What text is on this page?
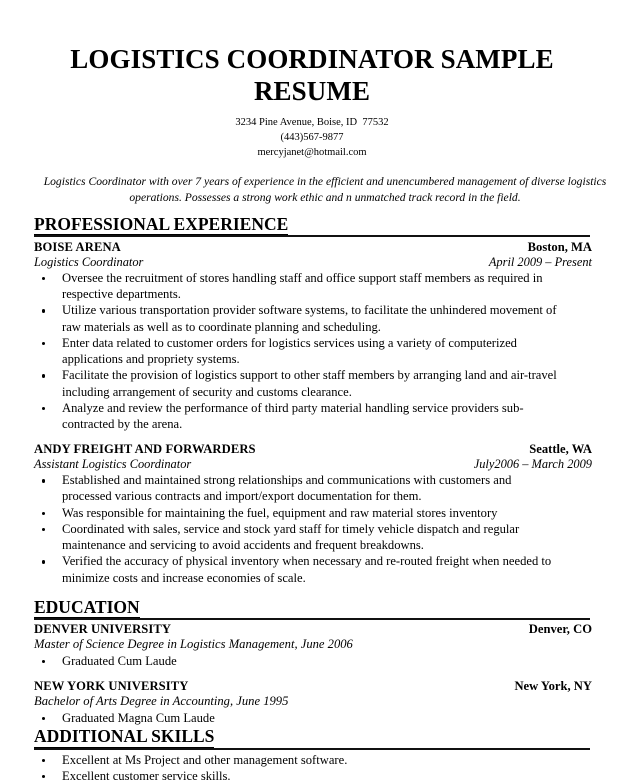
LOGISTICS COORDINATOR SAMPLE RESUME
3234 Pine Avenue, Boise, ID  77532
(443)567-9877
mercyjanet@hotmail.com

Logistics Coordinator with over 7 years of experience in the efficient and unencumbered management of diverse logistics operations. Possesses a strong work ethic and n unmatched track record in the field.

PROFESSIONAL EXPERIENCE
BOISE ARENA	Boston, MA
Logistics Coordinator	April 2009 – Present
Oversee the recruitment of stores handling staff and office support staff members as required in respective departments.
Utilize various transportation provider software systems, to facilitate the unhindered movement of raw materials as well as to coordinate planning and scheduling.
Enter data related to customer orders for logistics services using a variety of computerized applications and propriety systems.
Facilitate the provision of logistics support to other staff members by arranging land and air-travel including arrangement of security and customs clearance.
Analyze and review the performance of third party material handling service providers sub-contracted by the arena.
ANDY FREIGHT AND FORWARDERS	Seattle, WA
Assistant Logistics Coordinator	July2006 – March 2009
Established and maintained strong relationships and communications with customers and processed various contracts and import/export documentation for them.
Was responsible for maintaining the fuel, equipment and raw material stores inventory
Coordinated with sales, service and stock yard staff for timely vehicle dispatch and regular maintenance and servicing to avoid accidents and frequent breakdowns.
Verified the accuracy of physical inventory when necessary and re-routed freight when needed to minimize costs and increase economies of scale.
EDUCATION
DENVER UNIVERSITY	Denver, CO
Master of Science Degree in Logistics Management, June 2006
Graduated Cum Laude
NEW YORK UNIVERSITY	New York, NY
Bachelor of Arts Degree in Accounting, June 1995
Graduated Magna Cum Laude
ADDITIONAL SKILLS
Excellent at Ms Project and other management software.
Excellent customer service skills.
